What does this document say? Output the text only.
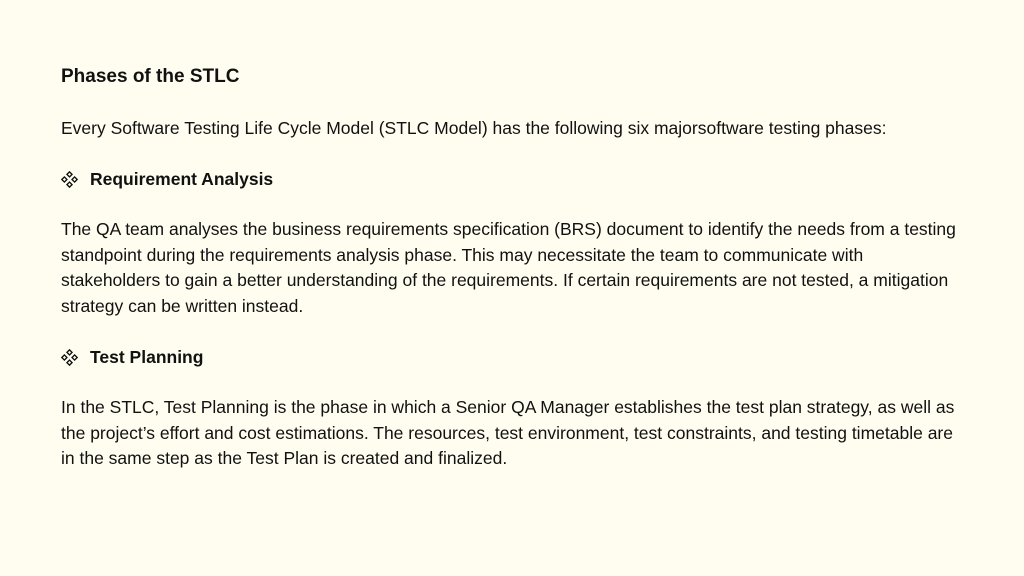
Phases of the STLC

Every Software Testing Life Cycle Model (STLC Model) has the following six majorsoftware testing phases:

Requirement Analysis

The QA team analyses the business requirements specification (BRS) document to identify the needs from a testing standpoint during the requirements analysis phase. This may necessitate the team to communicate with stakeholders to gain a better understanding of the requirements. If certain requirements are not tested, a mitigation strategy can be written instead.

Test Planning

In the STLC, Test Planning is the phase in which a Senior QA Manager establishes the test plan strategy, as well as the project’s effort and cost estimations. The resources, test environment, test constraints, and testing timetable are in the same step as the Test Plan is created and finalized.
